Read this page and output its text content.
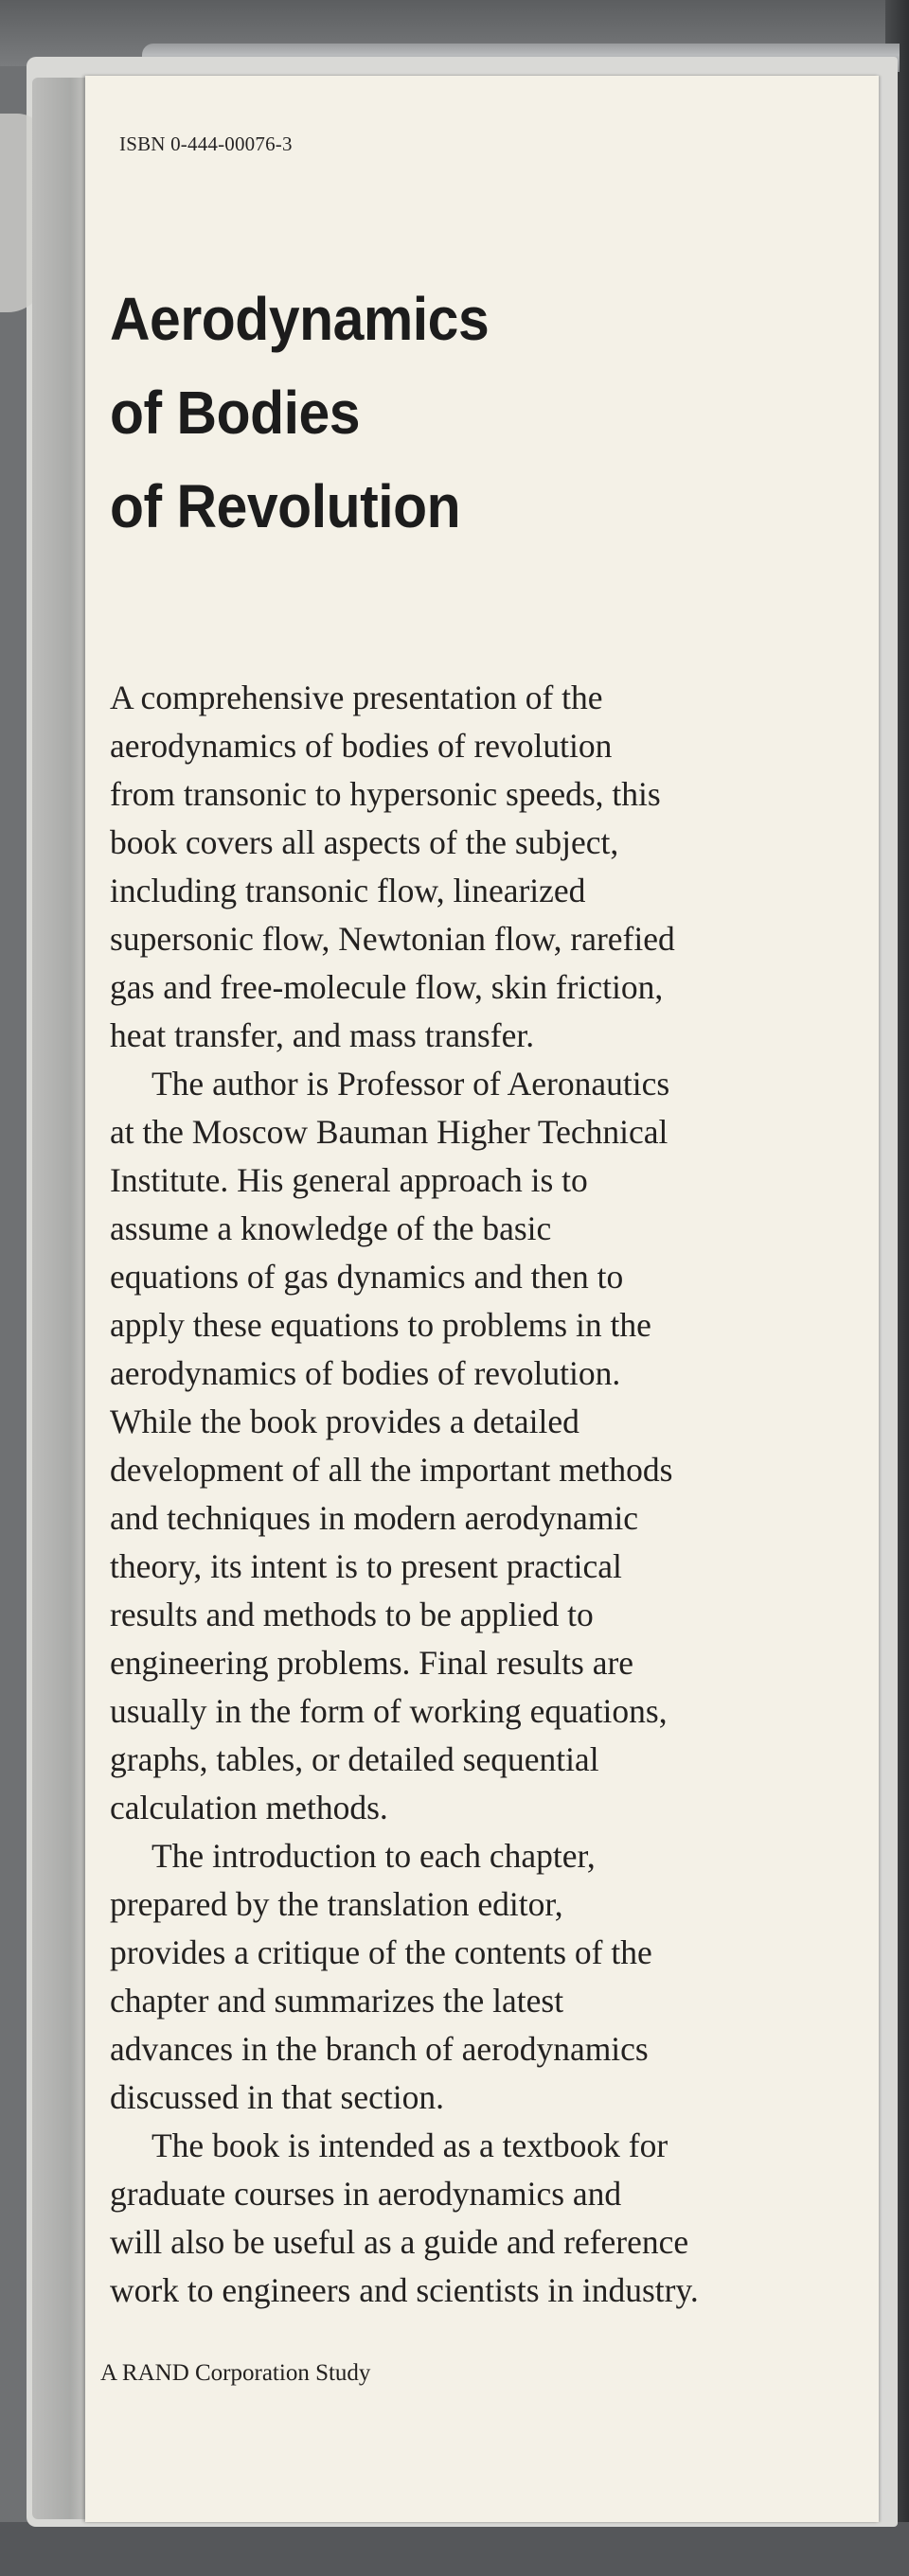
ISBN 0-444-00076-3
Aerodynamics
of Bodies
of Revolution
A comprehensive presentation of the
aerodynamics of bodies of revolution
from transonic to hypersonic speeds, this
book covers all aspects of the subject,
including transonic flow, linearized
supersonic flow, Newtonian flow, rarefied
gas and free-molecule flow, skin friction,
heat transfer, and mass transfer.
The author is Professor of Aeronautics
at the Moscow Bauman Higher Technical
Institute. His general approach is to
assume a knowledge of the basic
equations of gas dynamics and then to
apply these equations to problems in the
aerodynamics of bodies of revolution.
While the book provides a detailed
development of all the important methods
and techniques in modern aerodynamic
theory, its intent is to present practical
results and methods to be applied to
engineering problems. Final results are
usually in the form of working equations,
graphs, tables, or detailed sequential
calculation methods.
The introduction to each chapter,
prepared by the translation editor,
provides a critique of the contents of the
chapter and summarizes the latest
advances in the branch of aerodynamics
discussed in that section.
The book is intended as a textbook for
graduate courses in aerodynamics and
will also be useful as a guide and reference
work to engineers and scientists in industry.
A RAND Corporation Study
